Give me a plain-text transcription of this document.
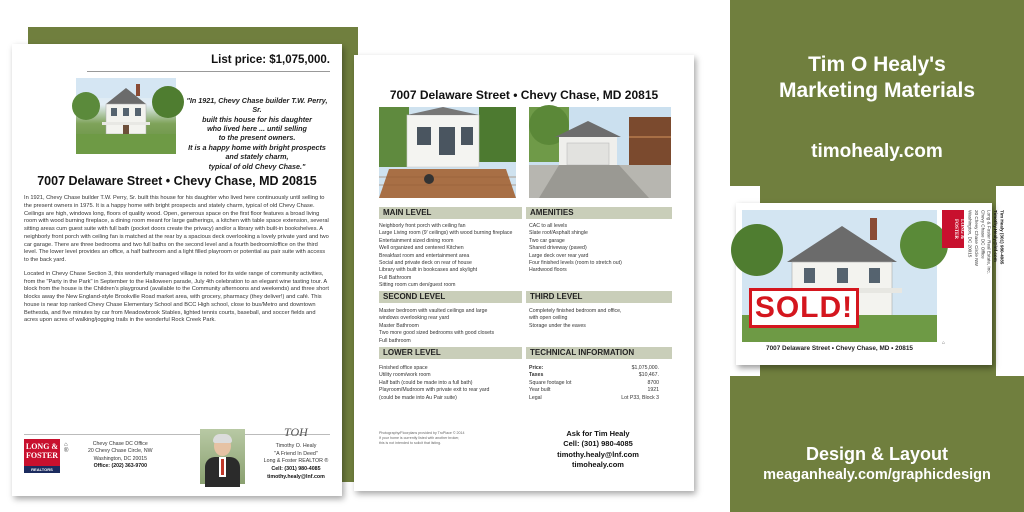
List price: $1,075,000.
"In 1921, Chevy Chase builder T.W. Perry, Sr.
built this house for his daughter
who lived here ... until selling
to the present owners.
It is a happy home with bright prospects
and stately charm,
typical of old Chevy Chase."
7007 Delaware Street • Chevy Chase, MD 20815

In 1921, Chevy Chase builder T.W. Perry, Sr. built this house for his daughter who lived here continuously until selling to the present owners in 1975. It is a happy home with bright prospects and stately charm, typical of old Chevy Chase. Ceilings are high, windows long, floors of quality wood. Open, generous space on the first floor features a broad living room with wood burning fireplace, a dining room meant for large gatherings, a kitchen with table space extension, several sitting areas cum guest suite with full bath (pocket doors create the privacy) and/or a library with built-in bookshelves. A neighborly front porch with ceiling fan is matched at the rear by a spacious deck overlooking a lovely private yard and two car garage. There are three bedrooms and two full baths on the second level and a fourth bedroom/office on the third level. The lower level provides an office, a half bathroom and a light filled playroom or potential au pair suite with access to the back yard.

Located in Chevy Chase Section 3, this wonderfully managed village is noted for its wide range of community activities, from the "Party in the Park" in September to the Halloween parade, July 4th celebration to an elegant wine tasting tour. A block from the house is the Children's playground (available to the Community afternoons and weekends) and three short blocks away the New England-style Brookville Road market area, with grocery, pharmacy (they deliver!) and café. This house is near top ranked Chevy Chase Elementary School and BCC High school, close to bus/Metro and downtown Bethesda, and five minutes by car from Meadowbrook Stables, lighted tennis courts, baseball, and soccer fields and acres upon acres of walking/jogging trails in the wonderful Rock Creek Park.

LONG &
FOSTER
REALTORS
⌂
®
Chevy Chase DC Office
20 Chevy Chase Circle, NW
Washington, DC 20015
Office: (202) 363-9700
TOH
Timothy O. Healy
"A Friend In Deed"
Long & Foster REALTOR ®
Cell: (301) 980-4085
timothy.healy@lnf.com
7007 Delaware Street • Chevy Chase, MD 20815
MAIN LEVEL
Neighborly front porch with ceiling fan
Large Living room (9' ceilings) with wood burning fireplace
Entertainment sized dining room
Well organized and centered Kitchen
Breakfast room and entertainment area
Social and private deck on rear of house
Library with built in bookcases and skylight
Full Bathroom
Sitting room cum den/guest room
AMENITIES
CAC to all levels
Slate roof/Asphalt shingle
Two car garage
Shared driveway (paved)
Large deck over rear yard
Four finished levels (room to stretch out)
Hardwood floors
SECOND LEVEL
Master bedroom with vaulted ceilings and large
windows overlooking rear yard
Master Bathroom
Two more good sized bedrooms with good closets
Full bathroom
THIRD LEVEL
Completely finished bedroom and office,
with open ceiling
Storage under the eaves
LOWER LEVEL
Finished office space
Utility room/work room
Half bath (could be made into a full bath)
Playroom/Mudroom with private exit to rear yard
(could be made into Au Pair suite)
TECHNICAL INFORMATION
Price:	$1,075,000.
Taxes	$10,467.
Square footage lot	8700
Year built	1921
Legal	Lot P33, Block 3
Photography/Floorplans provided by TruPlace © 2014
If your home is currently listed with another broker,
this is not intended to solicit that listing.
Ask for Tim Healy
Cell: (301) 980-4085
timothy.healy@lnf.com
timohealy.com
Tim O Healy's
Marketing Materials
timohealy.com
SOLD!
7007 Delaware Street • Chevy Chase, MD • 20815
LONG & FOSTER	Tim Healy (301) 980-4085
Timothy.Healy@lnf.com
Long & Foster Real Estate, Inc.
Chevy Chase DC Office
20 Chevy Chase Circle NW
Washington, DC 20015
⌂
Design & Layout
meaganhealy.com/graphicdesign
